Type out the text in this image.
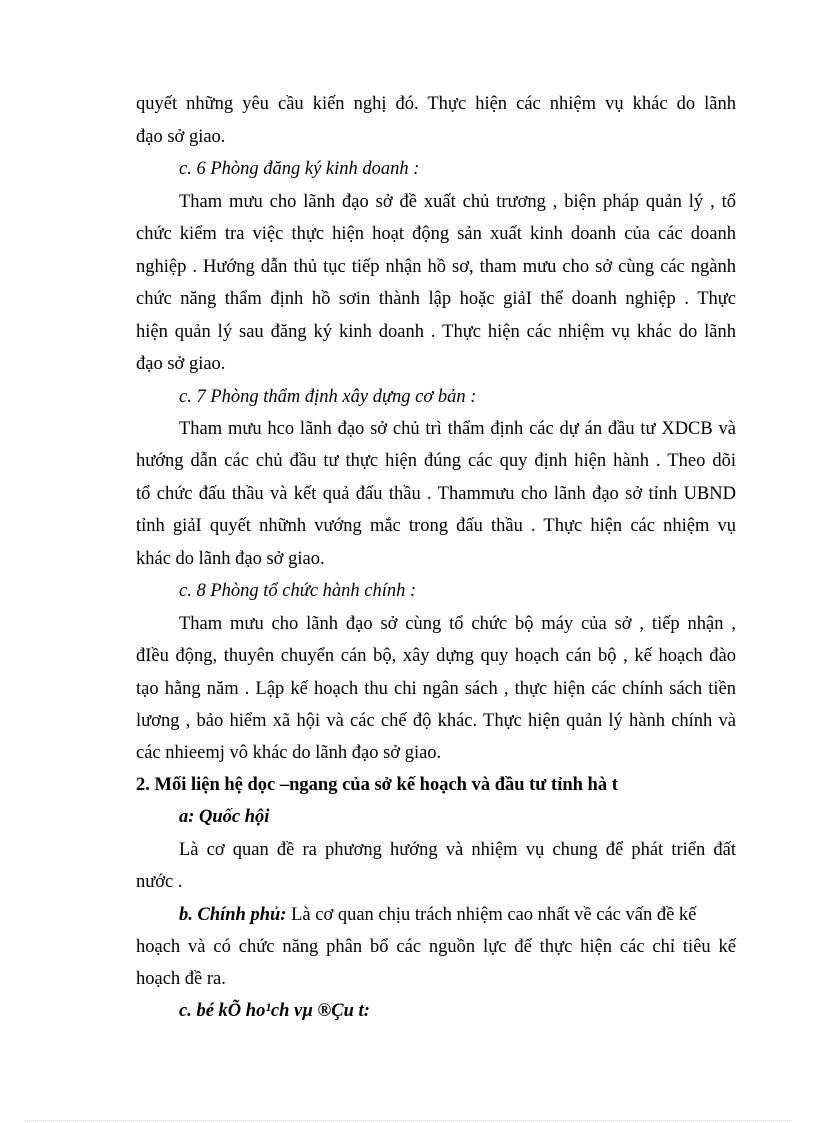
quyết những yêu cầu kiến nghị đó. Thực hiện các nhiệm vụ khác do lãnh
đạo sở giao.
c. 6 Phòng đăng ký kinh doanh :
Tham mưu cho lãnh đạo sở đề xuất chủ trương , biện pháp quản lý , tổ
chức kiểm tra việc thực hiện hoạt động sản xuất kinh doanh của các doanh
nghiệp . Hướng dẫn thủ tục tiếp nhận hồ sơ, tham mưu cho sở cùng các ngành
chức năng thẩm định hồ sơin thành lập hoặc giảI thể doanh nghiệp . Thực
hiện quản lý sau đăng ký kinh doanh . Thực hiện các nhiệm vụ khác do lãnh
đạo sở giao.
c. 7 Phòng thẩm định xây dựng cơ bản :
Tham mưu hco lãnh đạo sở chủ trì thẩm định các dự án đầu tư XDCB và
hướng dẫn các chủ đầu tư thực hiện đúng các quy định hiện hành . Theo dõi
tổ chức đấu thầu và kết quả đấu thầu . Thammưu cho lãnh đạo sở tỉnh UBND
tỉnh giảI quyết nhữnh vướng mắc trong đấu thầu . Thực hiện các nhiệm vụ
khác do lãnh đạo sở giao.
c. 8 Phòng tổ chức hành chính :
Tham mưu cho lãnh đạo sở cùng tổ chức bộ máy của sở , tiếp nhận ,
đIều động, thuyên chuyển cán bộ, xây dựng quy hoạch cán bộ , kế hoạch đào
tạo hằng năm . Lập kế hoạch thu chi ngân sách , thực hiện các chính sách tiền
lương , bảo hiểm xã hội và các chế độ khác. Thực hiện quản lý hành chính và
các nhieemj vô khác do lãnh đạo sở giao.
2. Mối liện hệ dọc –ngang của sở kế hoạch và đầu tư tỉnh hà t
a: Quốc hội
Là cơ quan đề ra phương hướng và nhiệm vụ chung để phát triển đất
nước .
b. Chính phủ: Là cơ quan chịu trách nhiệm cao nhất về các vấn đề kế
hoạch và có chức năng phân bổ các nguồn lực để thực hiện các chỉ tiêu kế
hoạch đề ra.
c. bé kÕ ho¹ch vµ ®Çu t:
